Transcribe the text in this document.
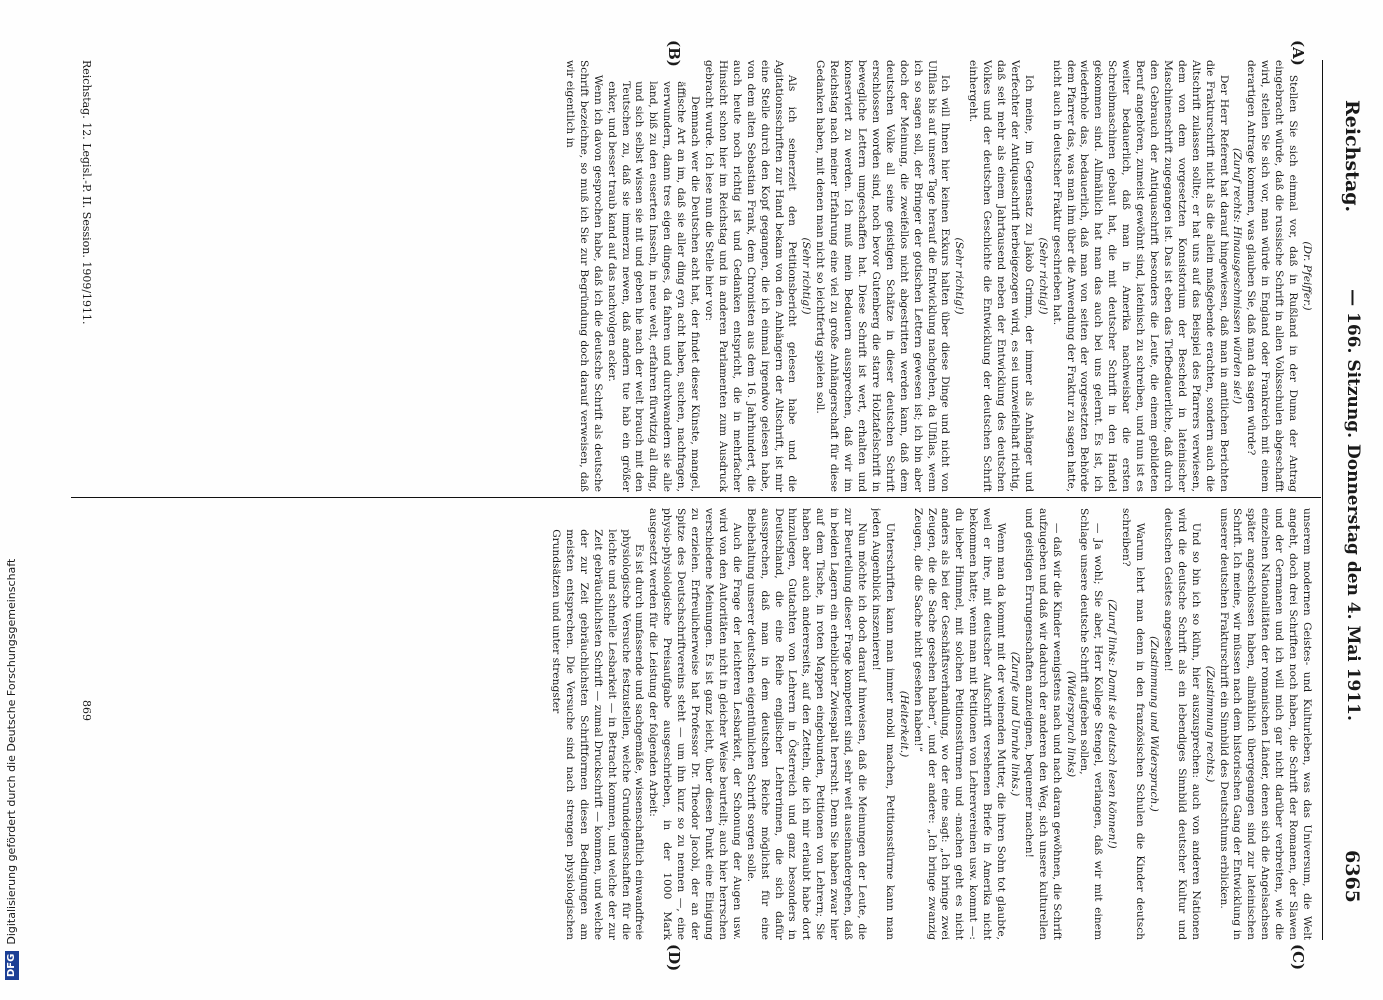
Reichstag.
— 166. Sitzung. Donnerstag den 4. Mai 1911.
6365
(A)
(B)
(C)
(D)

(Dr. Pfeiffer.)

Stellen Sie sich einmal vor, daß in Rußland in der Duma der Antrag eingebracht würde, daß die russische Schrift in allen Volksschulen abgeschafft wird, stellen Sie sich vor, man würde in England oder Frankreich mit einem derartigen Antrage kommen, was glauben Sie, daß man da sagen würde?

(Zuruf rechts: Hinausgeschmissen würden sie!)

Der Herr Referent hat darauf hingewiesen, daß man in amtlichen Berichten die Frakturschrift nicht als die allein maßgebende erachten, sondern auch die Altschrift zulassen sollte; er hat uns auf das Beispiel des Pfarrers verwiesen, dem von dem vorgesetzten Konsistorium der Bescheid in lateinischer Maschinenschrift zugegangen ist. Das ist eben das Tiefbedauerliche, daß durch den Gebrauch der Antiquaschrift besonders die Leute, die einem gebildeten Beruf angehören, zumeist gewöhnt sind, lateinisch zu schreiben, und nun ist es weiter bedauerlich, daß man in Amerika nachweisbar die ersten Schreibmaschinen gebaut hat, die mit deutscher Schrift in den Handel gekommen sind. Allmählich hat man das auch bei uns gelernt. Es ist, ich wiederhole das, bedauerlich, daß man von seiten der vorgesetzten Behörde dem Pfarrer das, was man ihm über die Anwendung der Fraktur zu sagen hatte, nicht auch in deutscher Fraktur geschrieben hat.

(Sehr richtig!)

Ich meine, im Gegensatz zu Jakob Grimm, der immer als Anhänger und Verfechter der Antiquaschrift herbeigezogen wird, es sei unzweifelhaft richtig, daß seit mehr als einem Jahrtausend neben der Entwicklung des deutschen Volkes und der deutschen Geschichte die Entwicklung der deutschen Schrift einhergeht.

(Sehr richtig!)

Ich will Ihnen hier keinen Exkurs halten über diese Dinge und nicht von Ulfilas bis auf unsere Tage herauf die Entwicklung nachgehen, da Ulfilas, wenn ich so sagen soll, der Bringer der gotischen Lettern gewesen ist; ich bin aber doch der Meinung, die zweifellos nicht abgestritten werden kann, daß dem deutschen Volke all seine geistigen Schätze in dieser deutschen Schrift erschlossen worden sind, noch bevor Gutenberg die starre Holztafelschrift in bewegliche Lettern umgeschaffen hat. Diese Schrift ist wert, erhalten und konserviert zu werden. Ich muß mein Bedauern aussprechen, daß wir im Reichstag nach meiner Erfahrung eine viel zu große Anhängerschaft für diese Gedanken haben, mit denen man nicht so leichtfertig spielen soll.

(Sehr richtig!)

Als ich seinerzeit den Petitionsbericht gelesen habe und die Agitationsschriften zur Hand bekam von den Anhängern der Altschrift, ist mir eine Stelle durch den Kopf gegangen, die ich einmal irgendwo gelesen habe, von dem alten Sebastian Frank, dem Chronisten aus dem 16. Jahrhundert, die auch heute noch richtig ist und Gedanken entspricht, die in mehrfacher Hinsicht schon hier im Reichstag und in anderen Parlamenten zum Ausdruck gebracht wurde. Ich lese nun die Stelle hier vor:

Demnach wer die Deutschen acht hat, der findet dieser Künste, mangel, äffische Art an im, daß sie aller ding eyn acht haben, suchen, nachfragen, verwundern, dann tres eigen dinges, da fahren und durchwandern sie alle land, biß zu den euserten Insseln, in neue welt, erfahren fürwitzig all ding, und sich selbst wissen sie nit und geben hie nach der welt brauch mit den Teutschen zu, daß sie immerzu newen, daß andern tue hab ein größer enker, und besser traub kand auf das nachvolgen acker.

Wenn ich davon gesprochen habe, daß ich die deutsche Schrift als deutsche Schrift bezeichne, so muß ich Sie zur Begründung doch darauf verweisen, daß wir eigentlich in

unserem modernen Geistes- und Kulturleben, was das Universum, die Welt angeht, doch drei Schriften noch haben, die Schrift der Romanen, der Slawen und der Germanen und ich will mich gar nicht darüber verbreiten, wie die einzelnen Nationalitäten der romanischen Länder, denen sich die Angelsachsen später angeschlossen haben, allmählich übergegangen sind zur lateinischen Schrift. Ich meine, wir müssen nach dem historischen Gang der Entwicklung in unserer deutschen Frakturschrift ein Sinnbild des Deutschtums erblicken.

(Zustimmung rechts.)

Und so bin ich so kühn, hier auszusprechen: auch von anderen Nationen wird die deutsche Schrift als ein lebendiges Sinnbild deutscher Kultur und deutschen Geistes angesehen!

(Zustimmung und Widerspruch.)

Warum lehrt man denn in den französischen Schulen die Kinder deutsch schreiben?

(Zuruf links: Damit sie deutsch lesen können!)

— Ja wohl; Sie aber, Herr Kollege Stengel, verlangen, daß wir mit einem Schlage unsere deutsche Schrift aufgeben sollen,

(Widerspruch links)

— daß wir die Kinder wenigstens nach und nach daran gewöhnen, die Schrift aufzugeben und daß wir dadurch der anderen den Weg, sich unsere kulturellen und geistigen Errungenschaften anzueignen, bequemer machen!

(Zurufe und Unruhe links.)

Wenn man da kommt mit der weinenden Mutter, die ihren Sohn tot glaubte, weil er ihre, mit deutscher Aufschrift versehenen Briefe in Amerika nicht bekommen hatte; wenn man mit Petitionen von Lehrervereinen usw. kommt —: du lieber Himmel, mit solchen Petitionsstürmen und -machen geht es nicht anders als bei der Geschäftsverhandlung, wo der eine sagt: „Ich bringe zwei Zeugen, die die Sache gesehen haben“, und der andere: „Ich bringe zwanzig Zeugen, die die Sache nicht gesehen haben!“

(Heiterkeit.)

Unterschriften kann man immer mobil machen, Petitionsstürme kann man jeden Augenblick inszenieren!

Nun möchte ich doch darauf hinweisen, daß die Meinungen der Leute, die zur Beurteilung dieser Frage kompetent sind, sehr weit auseinandergehen, daß in beiden Lagern ein erheblicher Zwiespalt herrscht. Denn Sie haben zwar hier auf dem Tische, in roten Mappen eingebunden, Petitionen von Lehrern; Sie haben aber auch andererseits, auf den Zetteln, die ich mir erlaubt habe dort hinzulegen, Gutachten von Lehrern in Österreich und ganz besonders in Deutschland, die eine Reihe englischer Lehrerinnen, die sich dafür aussprechen, daß man in dem deutschen Reiche möglichst für eine Beibehaltung unserer deutschen eigentümlichen Schrift sorgen solle.

Auch die Frage der leichteren Lesbarkeit, der Schonung der Augen usw. wird von den Autoritäten nicht in gleicher Weise beurteilt; auch hier herrschen verschiedene Meinungen. Es ist ganz leicht, über diesen Punkt eine Einigung zu erzielen. Erfreulicherweise hat Professor Dr. Theodor Jacobi, der an der Spitze des Deutschschriftvereins steht — um ihn kurz so zu nennen —, eine physio-physiologische Preisaufgabe ausgeschrieben, in der 1000 Mark ausgesetzt werden für die Leistung der folgenden Arbeit:

Es ist durch umfassende und sachgemäße, wissenschaftlich einwandfreie physiologische Versuche festzustellen, welche Grundeigenschaften für die leichte und schnelle Lesbarkeit — in Betracht kommen, und welche der zur Zeit gebräuchlichsten Schrift — zumal Druckschrift — kommen, und welche der zur Zeit gebräuchlichsten Schriftformen diesen Bedingungen am meisten entsprechen. Die Versuche sind nach strengen physiologischen Grundsätzen und unter strengster

Reichstag. 12. Legisl.-P. II. Session. 1909/1911.
869
DFGDigitalisierung gefördert durch die Deutsche Forschungsgemeinschaft
